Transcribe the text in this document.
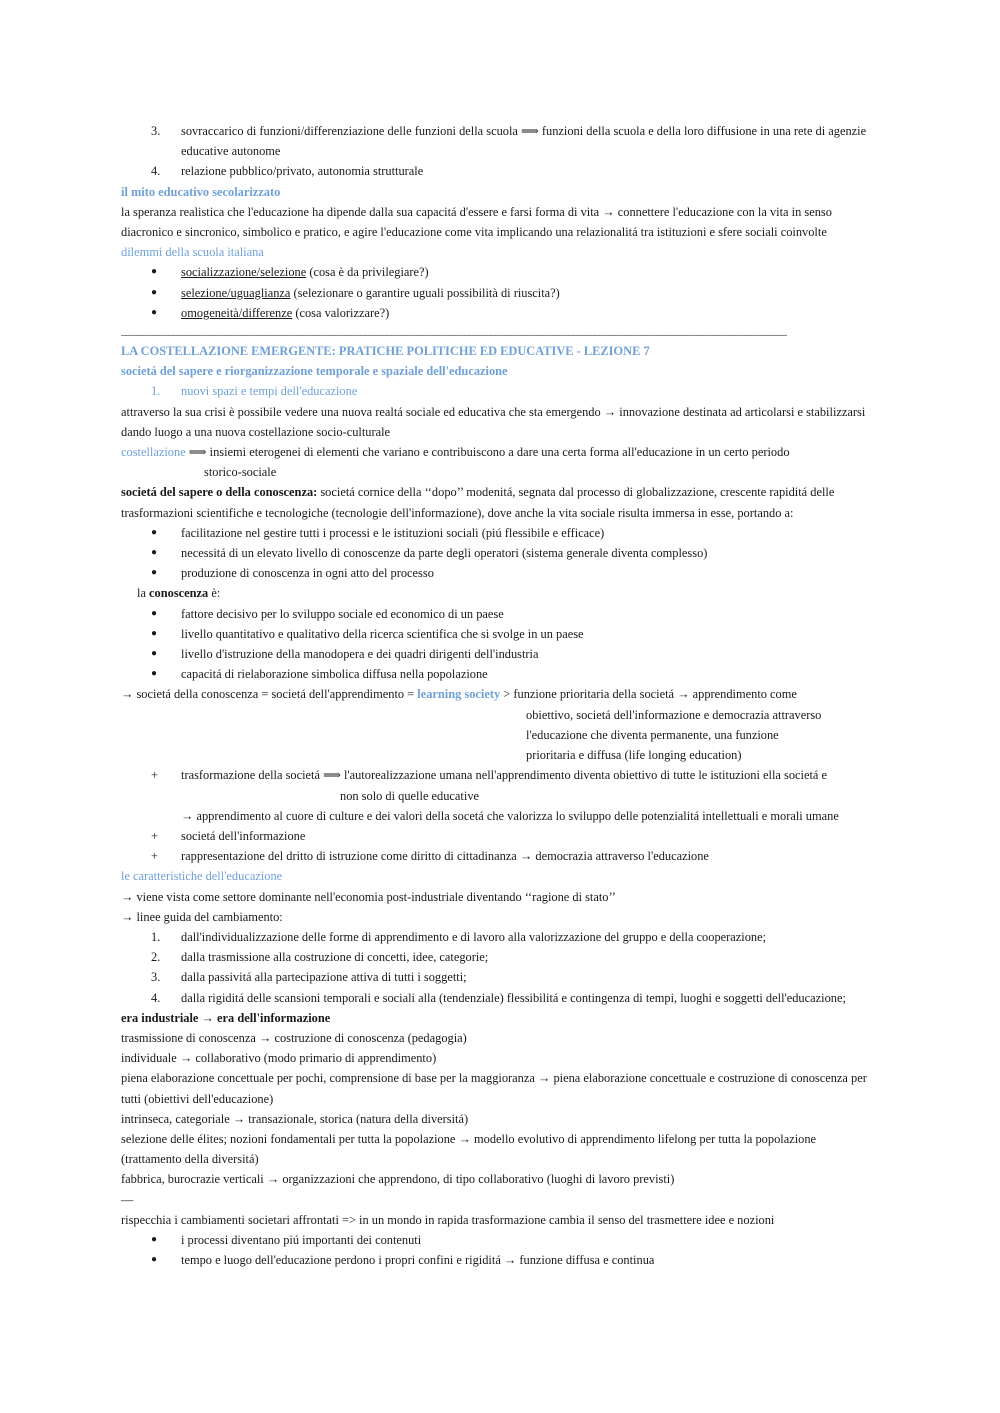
3. sovraccarico di funzioni/differenziazione delle funzioni della scuola ⟹ funzioni della scuola e della loro diffusione in una rete di agenzie educative autonome
4. relazione pubblico/privato, autonomia strutturale

il mito educativo secolarizzato

la speranza realistica che l'educazione ha dipende dalla sua capacitá d'essere e farsi forma di vita → connettere l'educazione con la vita in senso diacronico e sincronico, simbolico e pratico, e agire l'educazione come vita implicando una relazionalitá tra istituzioni e sfere sociali coinvolte

dilemmi della scuola italiana

● socializzazione/selezione (cosa è da privilegiare?)
● selezione/uguaglianza (selezionare o garantire uguali possibilità di riuscita?)
● omogeneità/differenze (cosa valorizzare?)
________________________________________________________________________________________________________________________________

LA COSTELLAZIONE EMERGENTE: PRATICHE POLITICHE ED EDUCATIVE - LEZIONE 7

societá del sapere e riorganizzazione temporale e spaziale dell'educazione

1. nuovi spazi e tempi dell'educazione

attraverso la sua crisi è possibile vedere una nuova realtá sociale ed educativa che sta emergendo → innovazione destinata ad articolarsi e stabilizzarsi dando luogo a una nuova costellazione socio-culturale

costellazione ⟹ insiemi eterogenei di elementi che variano e contribuiscono a dare una certa forma all'educazione in un certo periodo

storico-sociale

societá del sapere o della conoscenza: societá cornice della ‘‘dopo’’ modenitá, segnata dal processo di globalizzazione, crescente rapiditá delle trasformazioni scientifiche e tecnologiche (tecnologie dell'informazione), dove anche la vita sociale risulta immersa in esse, portando a:

● facilitazione nel gestire tutti i processi e le istituzioni sociali (piú flessibile e efficace)
● necessitá di un elevato livello di conoscenze da parte degli operatori (sistema generale diventa complesso)
● produzione di conoscenza in ogni atto del processo

la conoscenza è:

● fattore decisivo per lo sviluppo sociale ed economico di un paese
● livello quantitativo e qualitativo della ricerca scientifica che si svolge in un paese
● livello d'istruzione della manodopera e dei quadri dirigenti dell'industria
● capacitá di rielaborazione simbolica diffusa nella popolazione

→ societá della conoscenza = societá dell'apprendimento = learning society > funzione prioritaria della societá → apprendimento come

obiettivo, societá dell'informazione e democrazia attraverso

l'educazione che diventa permanente, una funzione

prioritaria e diffusa (life longing education)

+ trasformazione della societá ⟹ l'autorealizzazione umana nell'apprendimento diventa obiettivo di tutte le istituzioni ella societá e

non solo di quelle educative

→ apprendimento al cuore di culture e dei valori della socetá che valorizza lo sviluppo delle potenzialitá intellettuali e morali umane
+ societá dell'informazione
+ rappresentazione del dritto di istruzione come diritto di cittadinanza → democrazia attraverso l'educazione

le caratteristiche dell'educazione

→ viene vista come settore dominante nell'economia post-industriale diventando ‘‘ragione di stato’’

→ linee guida del cambiamento:

1. dall'individualizzazione delle forme di apprendimento e di lavoro alla valorizzazione del gruppo e della cooperazione;
2. dalla trasmissione alla costruzione di concetti, idee, categorie;
3. dalla passivitá alla partecipazione attiva di tutti i soggetti;
4. dalla rigiditá delle scansioni temporali e sociali alla (tendenziale) flessibilitá e contingenza di tempi, luoghi e soggetti dell'educazione;

era industriale → era dell'informazione

trasmissione di conoscenza → costruzione di conoscenza (pedagogia)

individuale → collaborativo (modo primario di apprendimento)

piena elaborazione concettuale per pochi, comprensione di base per la maggioranza → piena elaborazione concettuale e costruzione di conoscenza per tutti (obiettivi dell'educazione)

intrinseca, categoriale → transazionale, storica (natura della diversitá)

selezione delle élites; nozioni fondamentali per tutta la popolazione → modello evolutivo di apprendimento lifelong per tutta la popolazione (trattamento della diversitá)

fabbrica, burocrazie verticali → organizzazioni che apprendono, di tipo collaborativo (luoghi di lavoro previsti)

—

rispecchia i cambiamenti societari affrontati => in un mondo in rapida trasformazione cambia il senso del trasmettere idee e nozioni

● i processi diventano piú importanti dei contenuti
● tempo e luogo dell'educazione perdono i propri confini e rigiditá → funzione diffusa e continua
